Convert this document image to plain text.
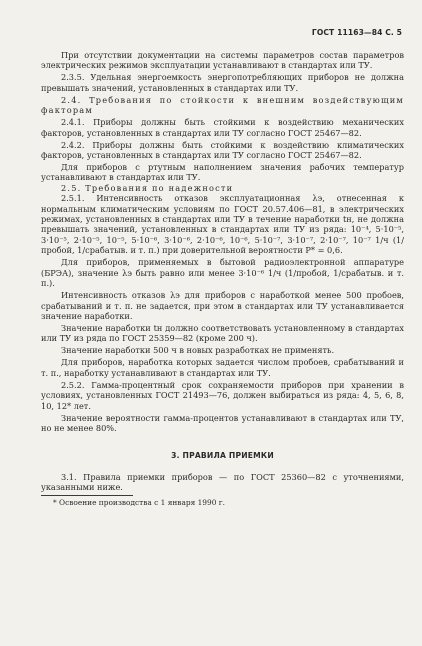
ГОСТ 11163—84 С. 5

При отсутствии документации на системы параметров состав параметров электрических режимов эксплуатации устанавливают в стандартах или ТУ.

2.3.5. Удельная энергоемкость энергопотребляющих приборов не должна превышать значений, установленных в стандартах или ТУ.

2.4. Требования по стойкости к внешним воздействующим факторам

2.4.1. Приборы должны быть стойкими к воздействию механических факторов, установленных в стандартах или ТУ согласно ГОСТ 25467—82.

2.4.2. Приборы должны быть стойкими к воздействию климатических факторов, установленных в стандартах или ТУ согласно ГОСТ 25467—82.

Для приборов с ртутным наполнением значения рабочих температур устанавливают в стандартах или ТУ.

2.5. Требования по надежности

2.5.1. Интенсивность отказов эксплуатационная λэ, отнесенная к нормальным климатическим условиям по ГОСТ 20.57.406—81, в электрических режимах, установленных в стандартах или ТУ в течение наработки tн, не должна превышать значений, установленных в стандартах или ТУ из ряда: 10⁻⁴, 5·10⁻⁵, 3·10⁻⁵, 2·10⁻⁵, 10⁻⁵, 5·10⁻⁶, 3·10⁻⁶, 2·10⁻⁶, 10⁻⁶, 5·10⁻⁷, 3·10⁻⁷, 2·10⁻⁷, 10⁻⁷ 1/ч (1/пробой, 1/срабатыв. и т. п.) при доверительной вероятности P* = 0,6.

Для приборов, применяемых в бытовой радиоэлектронной аппаратуре (БРЭА), значение λэ быть равно или менее 3·10⁻⁶ 1/ч (1/пробой, 1/срабатыв. и т. п.).

Интенсивность отказов λэ для приборов с наработкой менее 500 пробоев, срабатываний и т. п. не задается, при этом в стандартах или ТУ устанавливается значение наработки.

Значение наработки tн должно соответствовать установленному в стандартах или ТУ из ряда по ГОСТ 25359—82 (кроме 200 ч).

Значение наработки 500 ч в новых разработках не применять.

Для приборов, наработка которых задается числом пробоев, срабатываний и т. п., наработку устанавливают в стандартах или ТУ.

2.5.2. Гамма-процентный срок сохраняемости приборов при хранении в условиях, установленных ГОСТ 21493—76, должен выбираться из ряда: 4, 5, 6, 8, 10, 12* лет.

Значение вероятности гамма-процентов устанавливают в стандартах или ТУ, но не менее 80%.

3. ПРАВИЛА ПРИЕМКИ

3.1. Правила приемки приборов — по ГОСТ 25360—82 с уточнениями, указанными ниже.

* Освоение производства с 1 января 1990 г.
